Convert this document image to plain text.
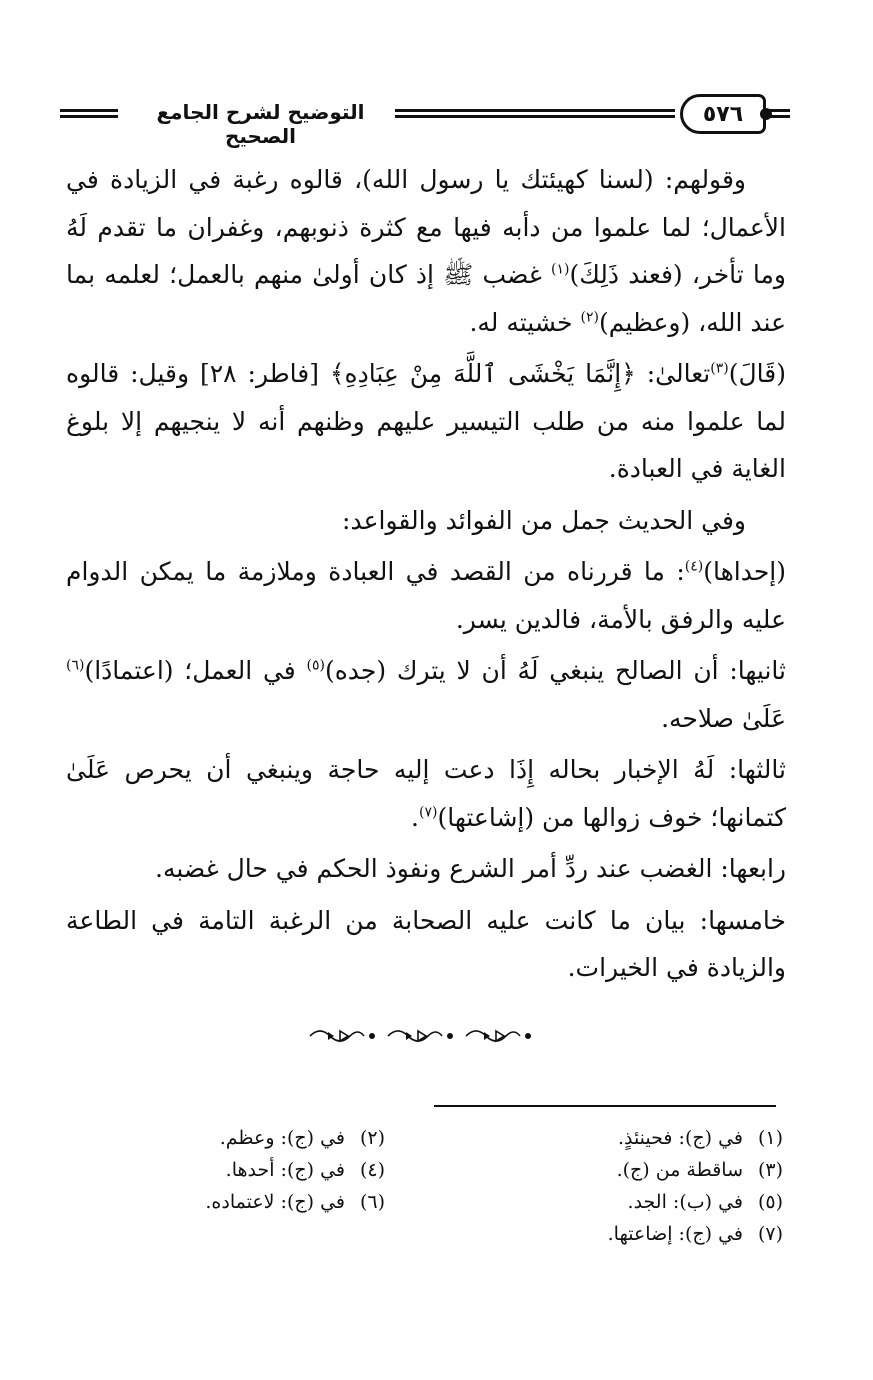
التوضيح لشرح الجامع الصحيح
٥٧٦

وقولهم: (لسنا كهيئتك يا رسول الله)، قالوه رغبة في الزيادة في الأعمال؛ لما علموا من دأبه فيها مع كثرة ذنوبهم، وغفران ما تقدم لَهُ وما تأخر، (فعند ذَلِكَ)$^{(١)}$ غضب ﷺ إذ كان أولىٰ منهم بالعمل؛ لعلمه بما عند الله، (وعظيم)$^{(٢)}$ خشيته له.

(قَالَ)$^{(٣)}$تعالىٰ: ﴿إِنَّمَا يَخْشَى ٱللَّهَ مِنْ عِبَادِهِ﴾ [فاطر: ٢٨] وقيل: قالوه لما علموا منه من طلب التيسير عليهم وظنهم أنه لا ينجيهم إلا بلوغ الغاية في العبادة.

وفي الحديث جمل من الفوائد والقواعد:

(إحداها)$^{(٤)}$: ما قررناه من القصد في العبادة وملازمة ما يمكن الدوام عليه والرفق بالأمة، فالدين يسر.

ثانيها: أن الصالح ينبغي لَهُ أن لا يترك (جده)$^{(٥)}$ في العمل؛ (اعتمادًا)$^{(٦)}$ عَلَىٰ صلاحه.

ثالثها: لَهُ الإخبار بحاله إِذَا دعت إليه حاجة وينبغي أن يحرص عَلَىٰ كتمانها؛ خوف زوالها من (إشاعتها)$^{(٧)}$.

رابعها: الغضب عند ردِّ أمر الشرع ونفوذ الحكم في حال غضبه.

خامسها: بيان ما كانت عليه الصحابة من الرغبة التامة في الطاعة والزيادة في الخيرات.

(١)في (ج): فحينئذٍ.
(٣)ساقطة من (ج).
(٥)في (ب): الجد.
(٧)في (ج): إضاعتها.
(٢)في (ج): وعظم.
(٤)في (ج): أحدها.
(٦)في (ج): لاعتماده.
